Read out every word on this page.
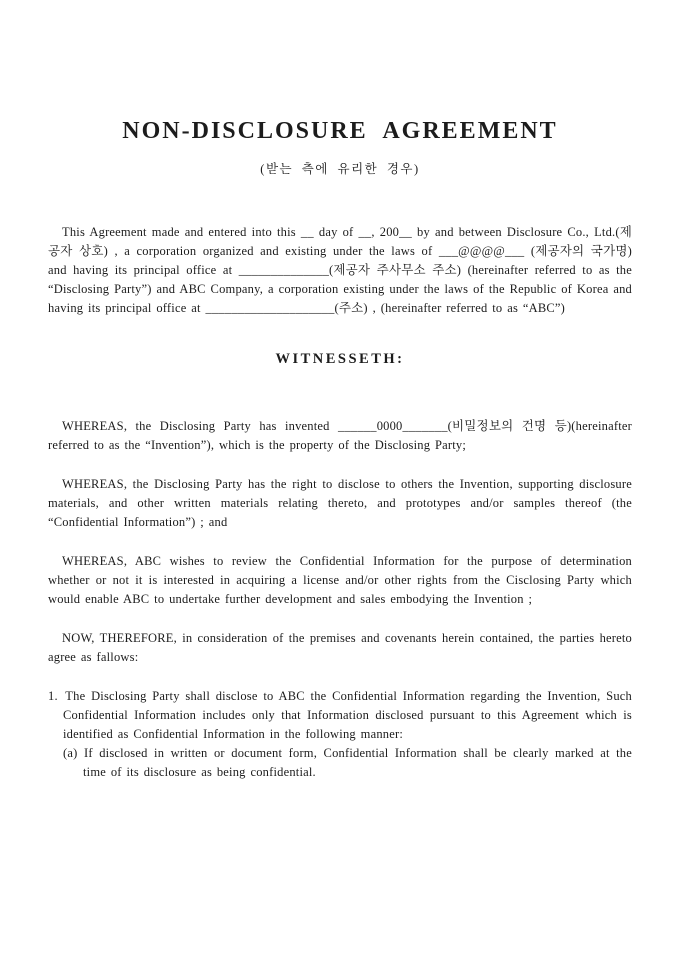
NON-DISCLOSURE AGREEMENT
(받는 측에 유리한 경우)

This Agreement made and entered into this __ day of __, 200__ by and between Disclosure Co., Ltd.(제공자 상호) , a corporation organized and existing under the laws of ___@@@@___ (제공자의 국가명) and having its principal office at ______________(제공자 주사무소 주소) (hereinafter referred to as the “Disclosing Party”) and ABC Company, a corporation existing under the laws of the Republic of Korea and having its principal office at ____________________(주소) , (hereinafter referred to as “ABC”)

WITNESSETH:

WHEREAS, the Disclosing Party has invented ______0000_______(비밀정보의 건명 등)(hereinafter referred to as the “Invention”), which is the property of the Disclosing Party;

WHEREAS, the Disclosing Party has the right to disclose to others the Invention, supporting disclosure materials, and other written materials relating thereto, and prototypes and/or samples thereof (the “Confidential Information”) ; and

WHEREAS, ABC wishes to review the Confidential Information for the purpose of determination whether or not it is interested in acquiring a license and/or other rights from the Cisclosing Party which would enable ABC to undertake further development and sales embodying the Invention ;

NOW, THEREFORE, in consideration of the premises and covenants herein contained, the parties hereto agree as fallows:

1. The Disclosing Party shall disclose to ABC the Confidential Information regarding the Invention, Such Confidential Information includes only that Information disclosed pursuant to this Agreement which is identified as Confidential Information in the following manner:
(a) If disclosed in written or document form, Confidential Information shall be clearly marked at the time of its disclosure as being confidential.
